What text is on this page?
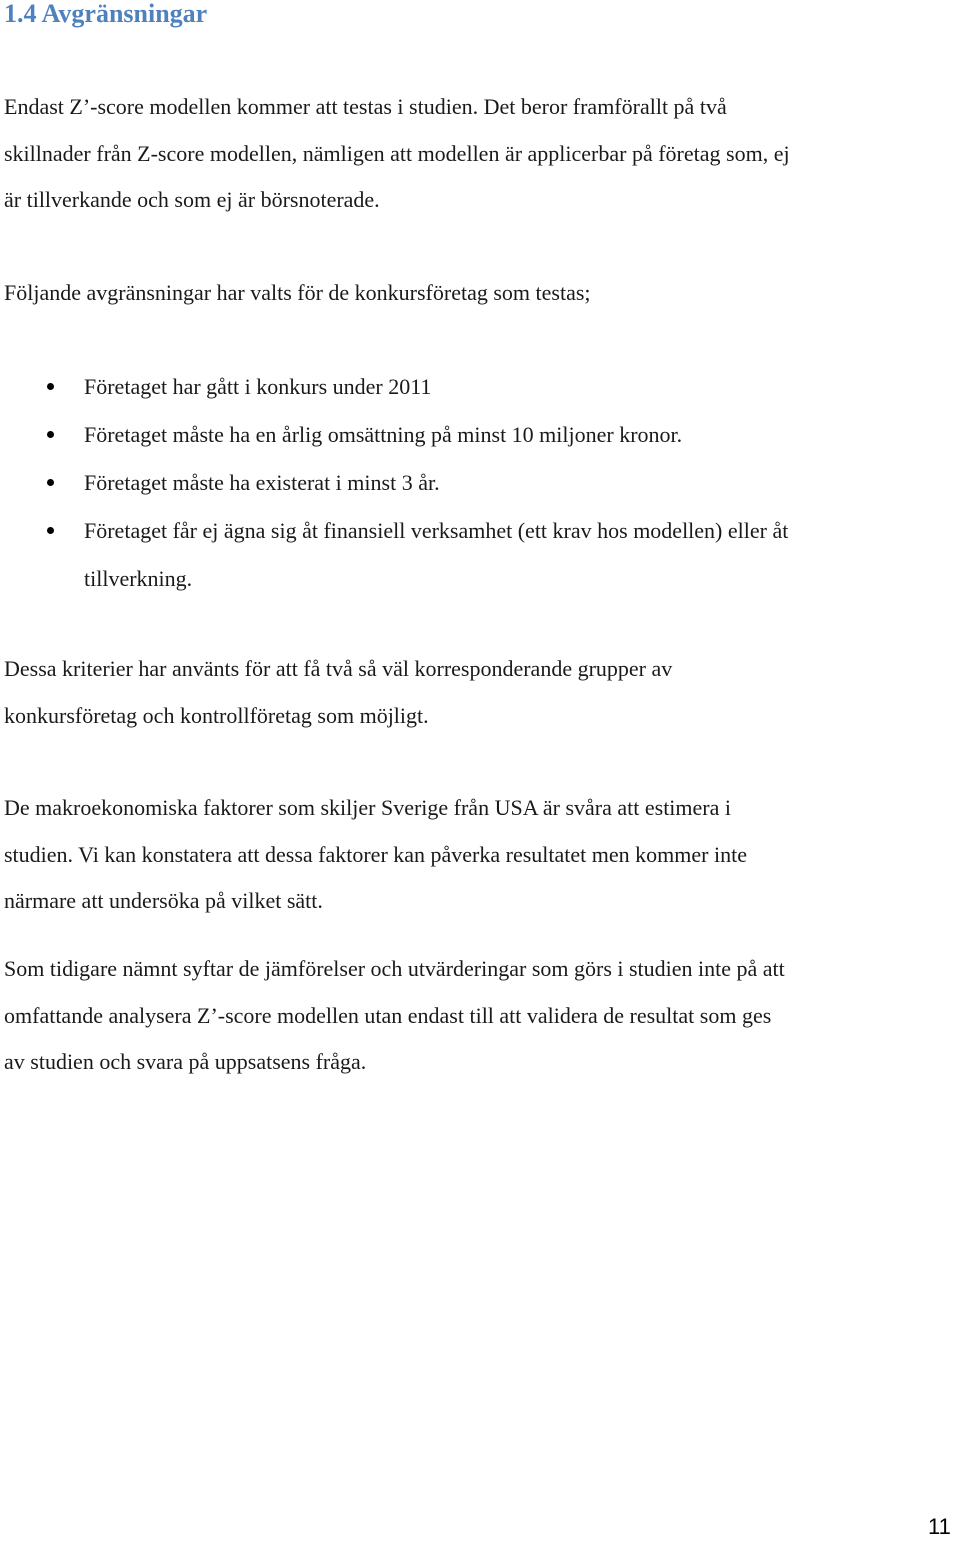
1.4 Avgränsningar

Endast Z’-score modellen kommer att testas i studien. Det beror framförallt på två
skillnader från Z-score modellen, nämligen att modellen är applicerbar på företag som, ej
är tillverkande och som ej är börsnoterade.

Följande avgränsningar har valts för de konkursföretag som testas;

Företaget har gått i konkurs under 2011
Företaget måste ha en årlig omsättning på minst 10 miljoner kronor.
Företaget måste ha existerat i minst 3 år.
Företaget får ej ägna sig åt finansiell verksamhet (ett krav hos modellen) eller åt
tillverkning.

Dessa kriterier har använts för att få två så väl korresponderande grupper av
konkursföretag och kontrollföretag som möjligt.

De makroekonomiska faktorer som skiljer Sverige från USA är svåra att estimera i
studien. Vi kan konstatera att dessa faktorer kan påverka resultatet men kommer inte
närmare att undersöka på vilket sätt.

Som tidigare nämnt syftar de jämförelser och utvärderingar som görs i studien inte på att
omfattande analysera Z’-score modellen utan endast till att validera de resultat som ges
av studien och svara på uppsatsens fråga.

11
